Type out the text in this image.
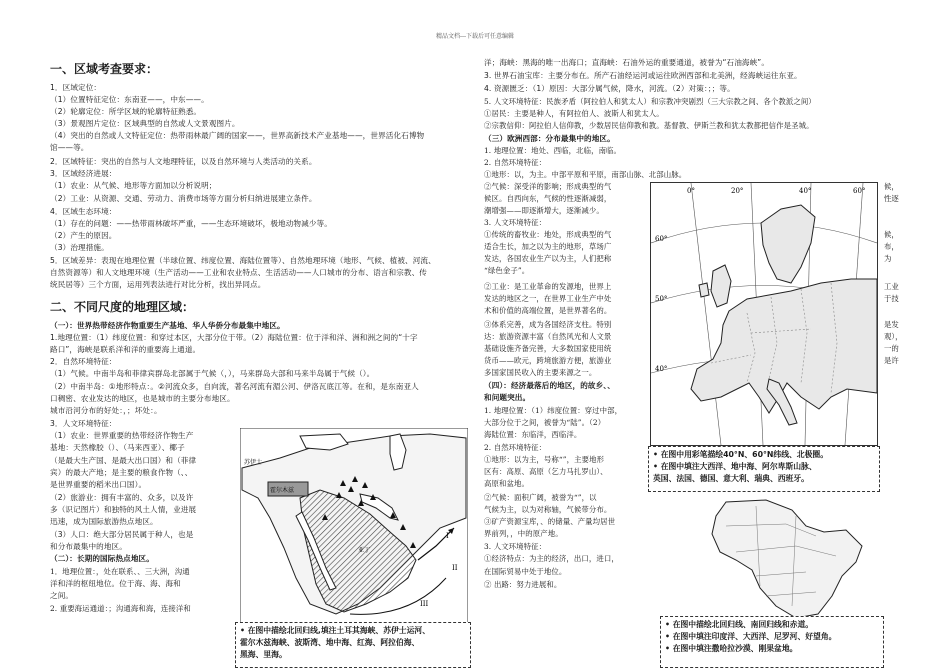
精品文档---下载后可任意编辑
一、区域考查要求：
1．区域定位：
（1）位置特征定位：东南亚——，中东——。
（2）轮廓定位：所学区域的轮廓特征熟悉。
（3）景观图片定位：区域典型的自然或人文景观图片。
（4）突出的自然或人文特征定位：热带雨林最广阔的国家——，世界高新技术产业基地——，世界活化石博物
馆——等。
2．区域特征：突出的自然与人文地理特征，以及自然环境与人类活动的关系。
3．区域经济进展：
（1）农业：从气候、地形等方面加以分析说明；
（2）工业：从资源、交通、劳动力、消费市场等方面分析归纳进展建立条件。
4．区域生态环境：
（1）存在的问题：——热带雨林破坏严重，——生态环境破坏，极地动物减少等。
（2）产生的原因。
（3）治理措施。
5．区域差异：表现在地理位置（半球位置、纬度位置、海陆位置等）、自然地理环境（地形、气候、植被、河流、
自然资源等）和人文地理环境（生产活动——工业和农业特点、生活活动——人口城市的分布、语言和宗教、传
统民居等）三个方面，运用列表法进行对比分析，找出异同点。
二、不同尺度的地理区域：
（一）：世界热带经济作物重要生产基地、华人华侨分布最集中地区。
1.地理位置：（1）纬度位置：和穿过本区，大部分位于带。（2）海陆位置：位于洋和洋、洲和洲之间的“十字
路口”，海峡是联系洋和洋的重要海上通道。
2．自然环境特征：
（1）气候。中南半岛和菲律宾群岛北部属于气候（，），马来群岛大部和马来半岛属于气候（）。
（2）中南半岛：①地形特点：。②河流众多，自向流，著名河流有湄公河、伊洛瓦底江等。在和，是东南亚人
口稠密、农业发达的地区，也是城市的主要分布地区。
城市沿河分布的好处：，；坏处：。
3．人文环境特征：
（1）农业：世界重要的热带经济作物生产
基地：天然橡胶（）、（马来西亚）、椰子
（是最大生产国、是最大出口国）和（菲律
宾）的最大产地；是主要的粮食作物（、、
是世界重要的稻米出口国）。
（2）旅游业：拥有丰富的、众多，以及许
多（识记图片）和独特的风土人情，业进展
迅速，成为国际旅游热点地区。
（3）人口：绝大部分居民属于种人，也是
和分布最集中的地区。
（二）：长期的国际热点地区。
1．地理位置：，处在联系、、三大洲，沟通
洋和洋的枢纽地位。位于海、海、海和
之间。
2. 重要海运通道：；沟通海和海，连接洋和
霍尔木兹
亚丁
苏伊士
I
II
III
• 在图中描绘北回归线,填注土耳其海峡、苏伊士运河、
霍尔木兹海峡、波斯湾、地中海、红海、阿拉伯海、
黑海、里海。
洋；海峡：黑海的唯一出海口；直海峡：石油外运的重要通道，被誉为“石油海峡”。
3. 世界石油宝库：主要分布在。所产石油经运河或运往欧洲西部和北美洲，经海峡运往东亚。
4. 资源匮乏：（1）原因：大部分属气候，降水，河流。（2）对策：；；等。
5. 人文环境特征：民族矛盾（阿拉伯人和犹太人）和宗教冲突剧烈（三大宗教之间、各个教派之间）
①居民：主要是种人，有阿拉伯人、波斯人和犹太人。
②宗教信仰：阿拉伯人信仰教，少数居民信仰教和教。基督教、伊斯兰教和犹太教都把信作是圣城。
（三）欧洲西部：分布最集中的地区。
1. 地理位置：地处、西临，北临，南临。
2. 自然环境特征：
①地形：以，为主。中部平原和平原，南部山脉、北部山脉。
②气候：深受洋的影响；形成典型的气
候区。自西向东，气候的性逐渐减弱，
潮增强——即逐渐增大，逐渐减少。
3. 人文环境特征：
①传统的畜牧业：地处，形成典型的气
适合生长，加之以为主的地形，草场广
发达，各国农业生产以为主，人们把称
“绿色金子”。
②工业：是工业革命的发源地，世界上
发达的地区之一，在世界工业生产中处
术和价值的高端位置，是世界著名的。
③体系完善，成为各国经济支柱。特别
达：旅游资源丰富（自然风光和人文景
基础设施齐备完善，大多数国家使用统
货币——欧元，跨境旅游方便，旅游业
多国家国民收入的主要来源之一。
（四）：经济最落后的地区，的故乡、、
和问题突出。
1. 地理位置：（1）纬度位置：穿过中部，
大部分位于之间，被誉为“陆”。（2）
海陆位置：东临洋，西临洋。
2. 自然环境特征：
①地形：以为主，号称“”，主要地形
区有：高原、高原（乞力马扎罗山）、
高原和盆地。
②气候：面积广阔，被誉为“”，以
气候为主，以为对称轴，气候带分布。
③矿产资源宝库，、的储量、产量均居世
界前列，，中的原产地。
3. 人文环境特征：
①经济特点：为主的经济，出口，进口，
在国际贸易中处于地位。
② 出路：努力进展和。
候，
性逐
候，
布，
为
工业
于技
是发
观），
一的
是许
60°
50°
40°
20°	40°	60°
0°
• 在图中用彩笔描绘40°N、60°N纬线、北极圈。
• 在图中填注大西洋、地中海、阿尔卑斯山脉、
英国、法国、德国、意大利、瑞典、西班牙。
• 在图中描绘北回归线、南回归线和赤道。
• 在图中填注印度洋、大西洋、尼罗河、好望角。
• 在图中填注撒哈拉沙漠、刚果盆地。
